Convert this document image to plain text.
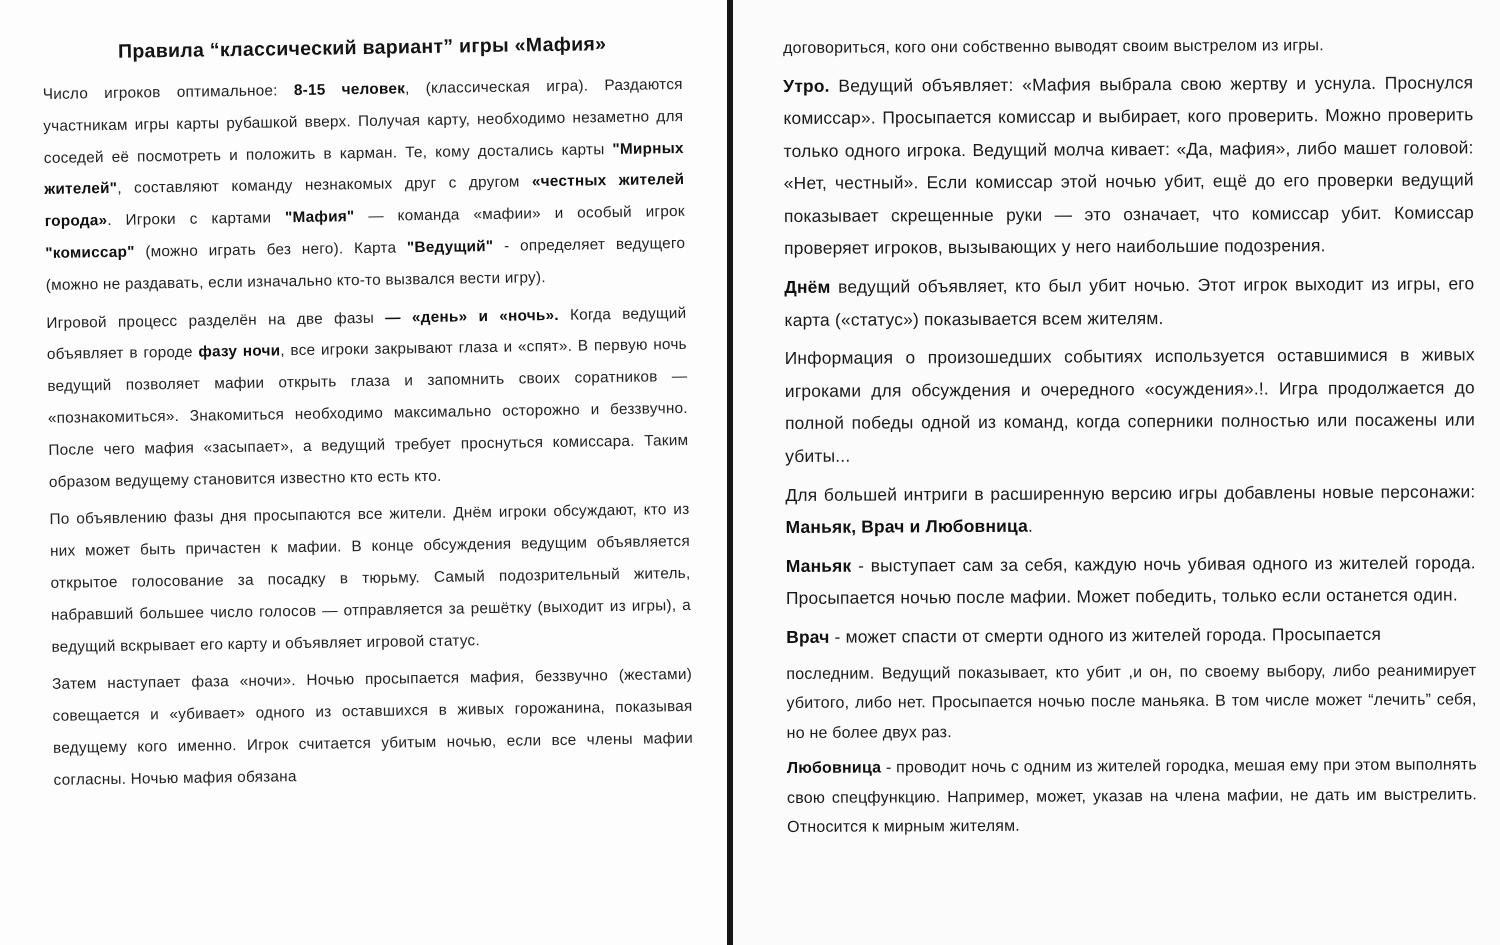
Правила “классический вариант” игры «Мафия»

Число игроков оптимальное: 8-15 человек, (классическая игра). Раздаются участникам игры карты рубашкой вверх. Получая карту, необходимо незаметно для соседей её посмотреть и положить в карман. Те, кому достались карты "Мирных жителей", составляют команду незнакомых друг с другом «честных жителей города». Игроки с картами "Мафия" — команда «мафии» и особый игрок "комиссар" (можно играть без него). Карта "Ведущий" - определяет ведущего (можно не раздавать, если изначально кто-то вызвался вести игру).

Игровой процесс разделён на две фазы — «день» и «ночь». Когда ведущий объявляет в городе фазу ночи, все игроки закрывают глаза и «спят». В первую ночь ведущий позволяет мафии открыть глаза и запомнить своих соратников — «познакомиться». Знакомиться необходимо максимально осторожно и беззвучно. После чего мафия «засыпает», а ведущий требует проснуться комиссара. Таким образом ведущему становится известно кто есть кто.

По объявлению фазы дня просыпаются все жители. Днём игроки обсуждают, кто из них может быть причастен к мафии. В конце обсуждения ведущим объявляется открытое голосование за посадку в тюрьму. Самый подозрительный житель, набравший большее число голосов — отправляется за решётку (выходит из игры), а ведущий вскрывает его карту и объявляет игровой статус.

Затем наступает фаза «ночи». Ночью просыпается мафия, беззвучно (жестами) совещается и «убивает» одного из оставшихся в живых горожанина, показывая ведущему кого именно. Игрок считается убитым ночью, если все члены мафии согласны. Ночью мафия обязана

договориться, кого они собственно выводят своим выстрелом из игры.

Утро. Ведущий объявляет: «Мафия выбрала свою жертву и уснула. Проснулся комиссар». Просыпается комиссар и выбирает, кого проверить. Можно проверить только одного игрока. Ведущий молча кивает: «Да, мафия», либо машет головой: «Нет, честный». Если комиссар этой ночью убит, ещё до его проверки ведущий показывает скрещенные руки — это означает, что комиссар убит. Комиссар проверяет игроков, вызывающих у него наибольшие подозрения.

Днём ведущий объявляет, кто был убит ночью. Этот игрок выходит из игры, его карта («статус») показывается всем жителям.

Информация о произошедших событиях используется оставшимися в живых игроками для обсуждения и очередного «осуждения».!. Игра продолжается до полной победы одной из команд, когда соперники полностью или посажены или убиты...

Для большей интриги в расширенную версию игры добавлены новые персонажи: Маньяк, Врач и Любовница.

Маньяк - выступает сам за себя, каждую ночь убивая одного из жителей города. Просыпается ночью после мафии. Может победить, только если останется один.

Врач - может спасти от смерти одного из жителей города. Просыпается

последним. Ведущий показывает, кто убит ,и он, по своему выбору, либо реанимирует убитого, либо нет. Просыпается ночью после маньяка. В том числе может “лечить” себя, но не более двух раз.

Любовница - проводит ночь с одним из жителей городка, мешая ему при этом выполнять свою спецфункцию. Например, может, указав на члена мафии, не дать им выстрелить. Относится к мирным жителям.
